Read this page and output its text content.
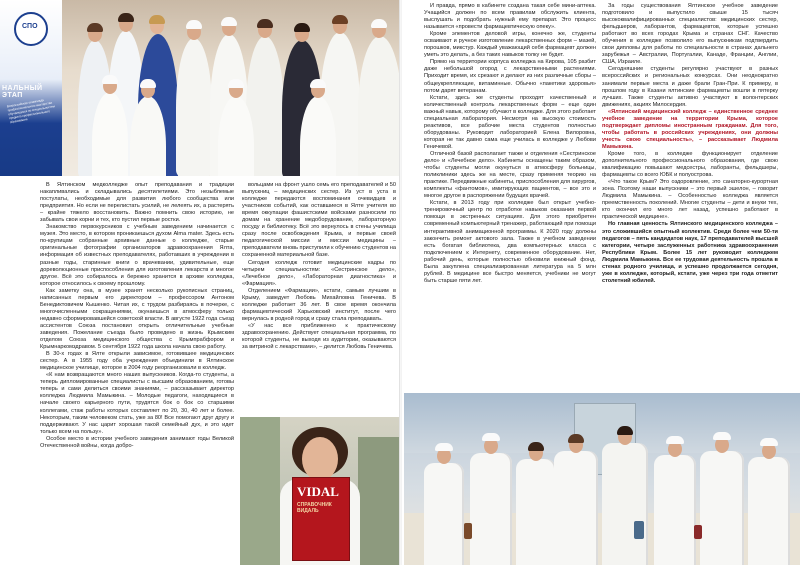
СПО
НАЛЬНЫЙ ЭТАП
Всероссийская олимпиада профессионального мастерства обучающихся по специальностям среднего профессионального образования

В Ялтинском медколледже опыт преподавания и традиции накапливались и складывались десятилетиями. Это незыблемые постулаты, необходимые для развития любого сообщества или предприятия. Но если не перелистать усилий, не лелеять их, а растерять – крайне тяжело восстановить. Важно помнить свою историю, не забывать свои корни и тех, кто пустил первые ростки.

Знакомство первокурсников с учебным заведением начинается с музея. Это место, в котором проникаешься духом Alma mater. Здесь есть по-крупицам собранные архивные данные о колледже, старые оригинальные фотографии организаторов здравоохранения Ялта, информация об известных преподавателях, работавших в учреждении в разные годы, старинные книги о врачевании, удивительные, еще дореволюционные приспособления для изготовления лекарств и многое другое. Всё это собиралось и бережно хранится в архиве колледжа, которое относилось к своему прошлому.

Как заметку она, в музее хранят несколько рукописных страниц, написанных первым его директором – профессором Антоном Бенедиктовичем Кышенко. Читая их, с трудом разбираясь в почерке, с многочисленными сокращениями, окунаешься в атмосферу только недавно сформировавшейся советской власти. В августе 1922 года съезд ассистентов Союза постановил открыть отличительные учебные заведения. Пожелание съезда было проведено в жизнь Крымским отделом Союза медицинского общества с Крымпрабфором и Крымнаркомздравом. 5 сентября 1922 года школа начала свою работу.

В 30-х годах в Ялте открыли зависимое, готовившее медицинских сестер. А в 1955 году оба учреждения объединили в Ялтинское медицинское училище, которое в 2004 году реорганизовали в колледж.

«К нам возвращаются много наших выпускников. Когда-то студенты, а теперь дипломированные специалисты с высшим образованием, готовы теперь и сами делиться своими знаниями, – рассказывает директор колледжа Людмила Мамыкина. – Молодые педагоги, находящиеся в начале своего карьерного пути, трудятся бок о бок со старшими коллегами, стаж работы которых составляет по 20, 30, 40 лет и более. Некоторым, таким человеком стать, уже за 80! Все помогают друг другу и поддерживают. У нас царит хорошая такой семейный дух, и это идет только всем на пользу».

Особое место в истории учебного заведения занимают годы Великой Отечественной войны, когда добро-

вольцами на фронт ушло семь его преподавателей и 50 выпускниц – медицинских сестер. Из уст в уста в колледже передаются воспоминания очевидцев и участников событий, как оставшиеся в Ялте учителя во время оккупации фашистскими войсками разносили по домам на хранение медоборудование, лабораторную посуду и библиотеку. Всё это вернулось в стены училища сразу после освобождения Крыма, и первые своей педагогической миссии и миссии медицины – преподаватели вновь приступили к обучению студентов на сохраненной материальной базе.

Сегодня колледж готовит медицинские кадры по четырем специальностям: «Сестринское дело», «Лечебное дело», «Лабораторная диагностика» и «Фармация».

Отделением «Фармации», кстати, самым лучшим в Крыму, заведует Любовь Михайловна Геничева. В колледже работает 36 лет. В свое время окончила фармацевтический Харьковский институт, после чего вернулась в родной город и сразу стала преподавать.

«У нас все приближенно к практическому здравоохранению. Действует специальная программа, по которой студенты, не выходя из аудитории, оказываются за витриной с лекарствами», – делится Любовь Геничева.

VIDAL
СПРАВОЧНИК ВИДАЛЬ

И правда, прямо в кабинете создана такая себе мини-аптека. Учащийся должен по всем правилам обслужить клиента, выслушать и подобрать нужный ему препарат. Это процесс называется «провести фармацевтическую опеку».

Кроме элементов деловой игры, конечно же, студенты осваивают и ручное изготовление лекарственных форм – мазей, порошков, микстур. Каждый уважающий себя фармацевт должен уметь это делать, а без таких навыков толку не будет.

Прямо на территории корпуса колледжа на Кирова, 105 разбит даже небольшой огород с лекарственными растениями. Приходит время, их срезают и делают из них различные сборы – общеукрепляющие, витаминные. Обычно «пакетики здоровья» потом дарят ветеранам.

Кстати, здесь же студенты проходят качественный и количественный контроль лекарственных форм – еще один важный навык, которому обучают в колледже. Для этого работает специальная лаборатория. Несмотря на высокую стоимость реактивов, все рабочие места студентов полностью оборудованы. Руководит лабораторией Елена Вилоровна, которая не так давно сама еще училась в колледже у Любови Геничевой.

Отличной базой располагает также и отделения «Сестринское дело» и «Лечебное дело». Кабинеты оснащены таким образом, чтобы студенты могли окунуться в атмосферу больницы, поликлиники здесь же на месте, сразу применяя теорию на практике. Передвижные кабинеты, приспособления для хирургов, комплекты «фантомов», имитирующих пациентов, – все это и многое другое в распоряжении будущих врачей.

Кстати, в 2013 году при колледже был открыт учебно-тренировочный центр по отработке навыков оказания первой помощи в экстренных ситуациях. Для этого приобретен современный компьютерный тренажер, работающий при помощи интерактивной анимационной программы. К 2020 году должны закончить ремонт актового зала. Также в учебном заведении есть богатая библиотека, два компьютерных класса с подключением к Интернету, современное оборудование. Нет, рабочий день, которые полностью обновили книжный фонд. Была закуплена специализированная литература на 5 млн рублей. В медицине все быстро меняется, учебники не могут быть старше пяти лет.

За годы существования Ялтинское учебное заведение подготовило и выпустило свыше 15 тысяч высококвалифицированных специалистов: медицинских сестер, фельдшеров, лаборантов, фармацевтов, которые успешно работают во всех городах Крыма и странах СНГ. Качество обучения в колледже позволило его выпускникам подтвердить свои дипломы для работы по специальности в странах дальнего зарубежья – Австралии, Португалии, Канаде, Франции, Англии, США, Израиле.

Сегодняшние студенты регулярно участвуют в разных всероссийских и региональных конкурсах. Они неоднократно занимали первые места и даже брали Гран-При. К примеру, в прошлом году в Казани ялтинские фармацевты вошли в пятерку лучших. Также студенты активно участвуют в волонтерских движениях, акциях Милосердия.

«Ялтинский медицинский колледж – единственное среднее учебное заведение на территории Крыма, которое подтверждает дипломы иностранным гражданам. Для того, чтобы работать в российских учреждениях, они должны учесть свою специальность», – рассказывает Людмила Мамыкина.

Кроме того, в колледже функционирует отделение дополнительного профессионального образования, где свою квалификацию повышают медсестры, лаборанты, фельдшеры, фармацевты со всего ЮБК и полуострова.

«Что такое Крым? Это оздоровление, это санаторно-курортная зона. Поэтому наши выпускники – это первый эшелон, – говорит Людмила Мамыкина. – Особенностью колледжа является преемственность поколений. Многие студенты – дети и внуки тех, кто окончил его много лет назад, успешно работают в практической медицине».

Но главная ценность Ялтинского медицинского колледжа – это сложившийся опытный коллектив. Среди более чем 50-ти педагогов – пять кандидатов наук, 17 преподавателей высшей категории, четыре заслуженных работника здравоохранения Республики Крым. Более 15 лет руководит колледжем Людмила Мамыкина. Все ее трудовая деятельность прошла в стенах родного училища, и успешно продолжается сегодня, уже в колледже, который, кстати, уже через три года отметит столетний юбилей.
